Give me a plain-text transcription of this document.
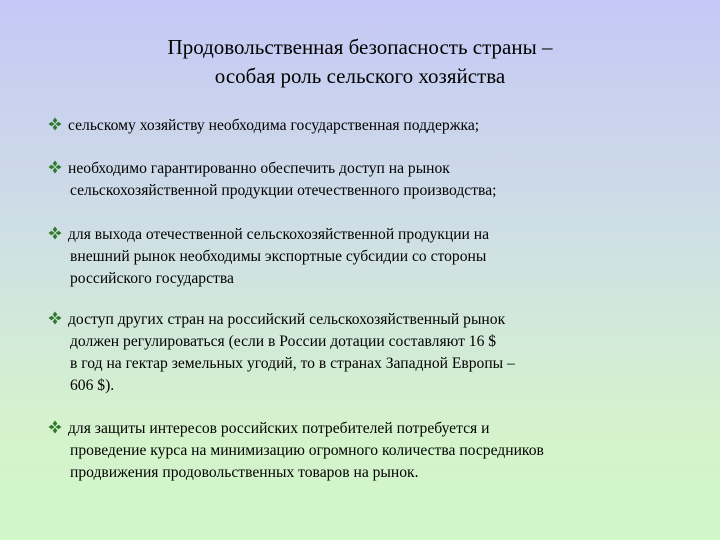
Продовольственная безопасность страны –
особая роль сельского хозяйства
сельскому хозяйству необходима государственная поддержка;
необходимо гарантированно обеспечить доступ на рынок
сельскохозяйственной продукции отечественного производства;
для выхода отечественной сельскохозяйственной продукции на
внешний рынок необходимы экспортные субсидии со стороны
российского государства
доступ других стран на российский сельскохозяйственный рынок
должен регулироваться (если в России дотации составляют 16 $
в год на гектар земельных угодий, то в странах Западной Европы –
606 $).
для защиты интересов российских потребителей потребуется и
проведение курса на минимизацию огромного количества посредников
продвижения продовольственных товаров на рынок.
